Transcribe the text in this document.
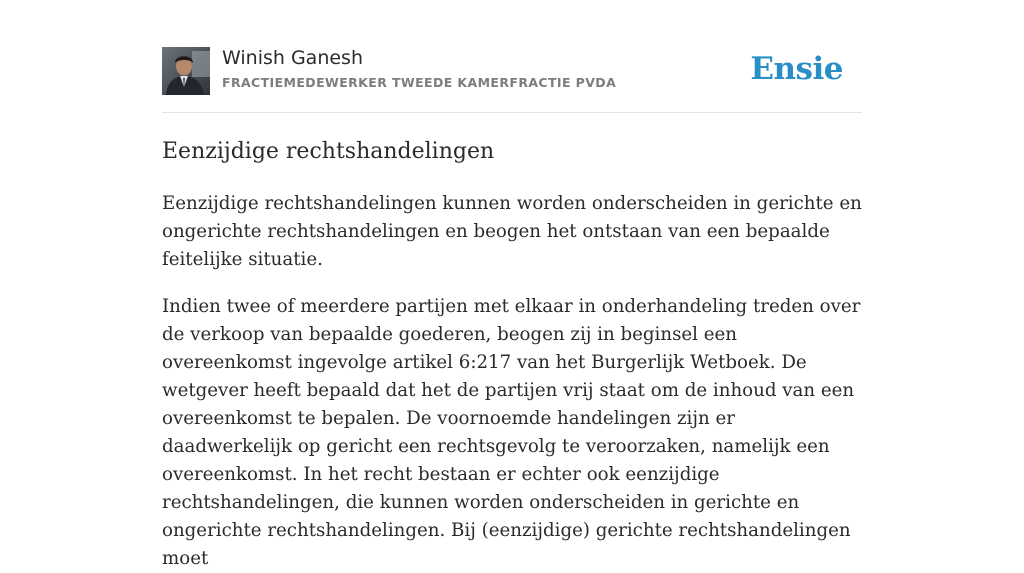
Winish Ganesh
FRACTIEMEDEWERKER TWEEDE KAMERFRACTIE PVDA	Ensie
Eenzijdige rechtshandelingen

Eenzijdige rechtshandelingen kunnen worden onderscheiden in gerichte en ongerichte rechtshandelingen en beogen het ontstaan van een bepaalde feitelijke situatie.

Indien twee of meerdere partijen met elkaar in onderhandeling treden over de verkoop van bepaalde goederen, beogen zij in beginsel een overeenkomst ingevolge artikel 6:217 van het Burgerlijk Wetboek. De wetgever heeft bepaald dat het de partijen vrij staat om de inhoud van een overeenkomst te bepalen. De voornoemde handelingen zijn er daadwerkelijk op gericht een rechtsgevolg te veroorzaken, namelijk een overeenkomst. In het recht bestaan er echter ook eenzijdige rechtshandelingen, die kunnen worden onderscheiden in gerichte en ongerichte rechtshandelingen. Bij (eenzijdige) gerichte rechtshandelingen moet
